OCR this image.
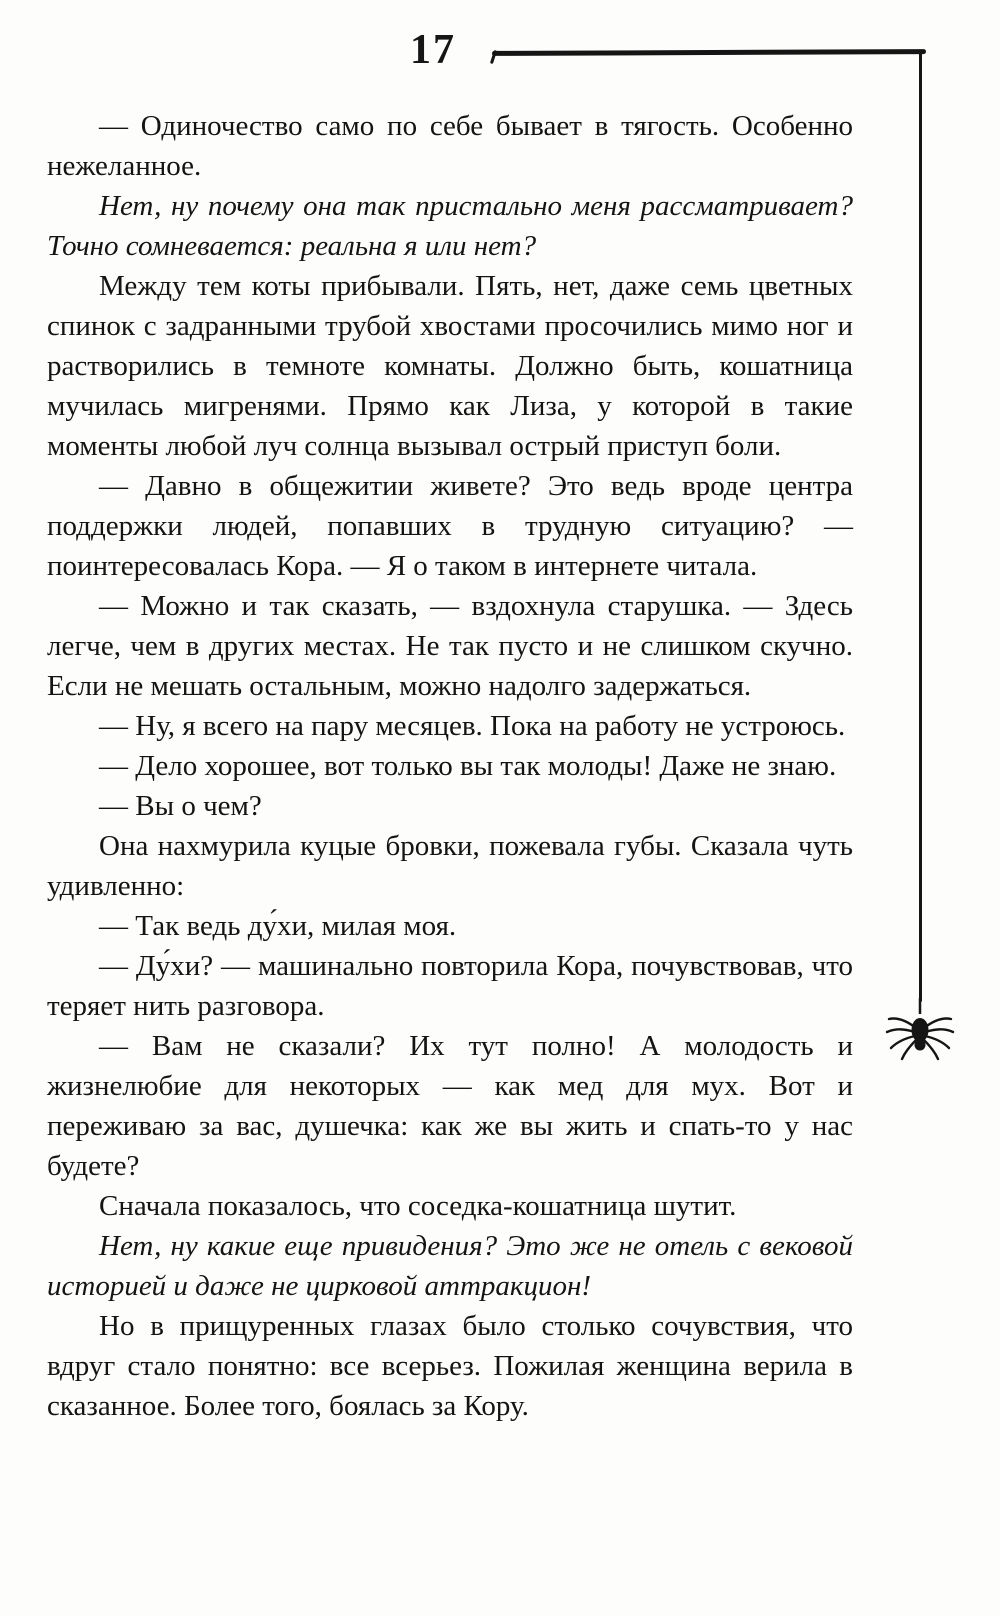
17

— Одиночество само по себе бывает в тягость. Особенно нежеланное.

Нет, ну почему она так пристально меня рассматривает? Точно сомневается: реальна я или нет?

Между тем коты прибывали. Пять, нет, даже семь цветных спинок с задранными трубой хвостами просочились мимо ног и растворились в темноте комнаты. Должно быть, кошатница мучилась мигренями. Прямо как Лиза, у которой в такие моменты любой луч солнца вызывал острый приступ боли.

— Давно в общежитии живете? Это ведь вроде центра поддержки людей, попавших в трудную ситуацию? — поинтересовалась Кора. — Я о таком в интернете читала.

— Можно и так сказать, — вздохнула старушка. — Здесь легче, чем в других местах. Не так пусто и не слишком скучно. Если не мешать остальным, можно надолго задержаться.

— Ну, я всего на пару месяцев. Пока на работу не устроюсь.

— Дело хорошее, вот только вы так молоды! Даже не знаю.

— Вы о чем?

Она нахмурила куцые бровки, пожевала губы. Сказала чуть удивленно:

— Так ведь ду́хи, милая моя.

— Ду́хи? — машинально повторила Кора, почувствовав, что теряет нить разговора.

— Вам не сказали? Их тут полно! А молодость и жизнелюбие для некоторых — как мед для мух. Вот и переживаю за вас, душечка: как же вы жить и спать-то у нас будете?

Сначала показалось, что соседка-кошатница шутит.

Нет, ну какие еще привидения? Это же не отель с вековой историей и даже не цирковой аттракцион!

Но в прищуренных глазах было столько сочувствия, что вдруг стало понятно: все всерьез. Пожилая женщина верила в сказанное. Более того, боялась за Кору.
